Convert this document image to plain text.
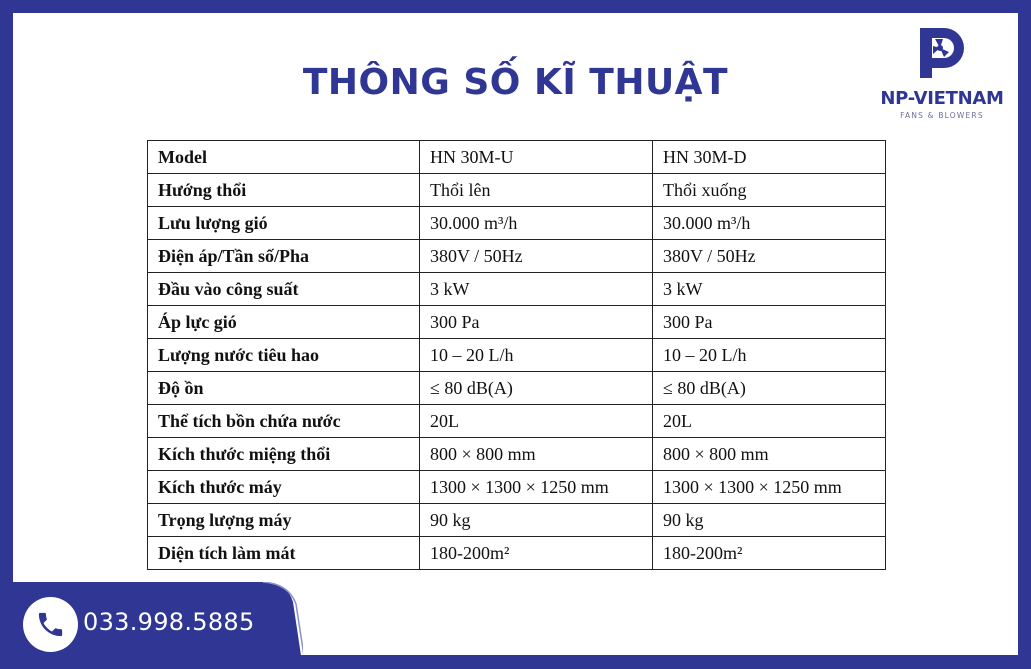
THÔNG SỐ KĨ THUẬT	NP-VIETNAM
FANS & BLOWERS
Model	HN 30M-U	HN 30M-D
Hướng thổi	Thổi lên	Thổi xuống
Lưu lượng gió	30.000 m³/h	30.000 m³/h
Điện áp/Tần số/Pha	380V / 50Hz	380V / 50Hz
Đầu vào công suất	3 kW	3 kW
Áp lực gió	300 Pa	300 Pa
Lượng nước tiêu hao	10 – 20 L/h	10 – 20 L/h
Độ ồn	≤ 80 dB(A)	≤ 80 dB(A)
Thể tích bồn chứa nước	20L	20L
Kích thước miệng thổi	800 × 800 mm	800 × 800 mm
Kích thước máy	1300 × 1300 × 1250 mm	1300 × 1300 × 1250 mm
Trọng lượng máy	90 kg	90 kg
Diện tích làm mát	180-200m²	180-200m²
033.998.5885
